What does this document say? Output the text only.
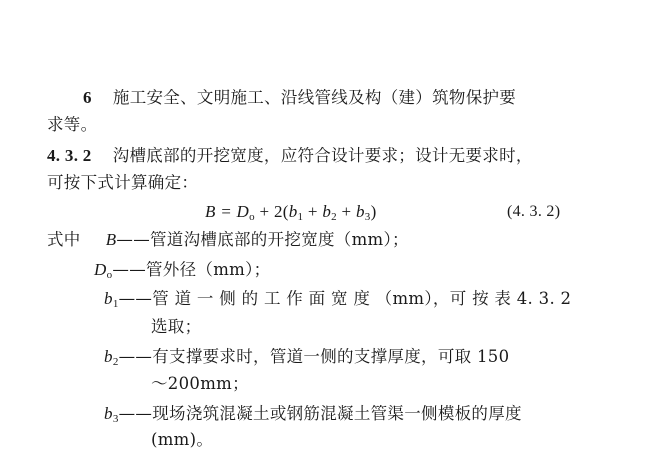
6 施工安全、文明施工、沿线管线及构（建）筑物保护要
求等。
4. 3. 2 沟槽底部的开挖宽度，应符合设计要求；设计无要求时，
可按下式计算确定：
$B = D_o + 2(b_1 + b_2 + b_3)$	(4. 3. 2)
式中 B——管道沟槽底部的开挖宽度（mm）；
$D_o——$管外径（mm）；
$b_1——$管 道 一 侧 的 工 作 面 宽 度 （mm），可 按 表 4. 3. 2
选取；
$b_2——$有支撑要求时，管道一侧的支撑厚度，可取 150
～200mm；
$b_3——$现场浇筑混凝土或钢筋混凝土管渠一侧模板的厚度
(mm)。
